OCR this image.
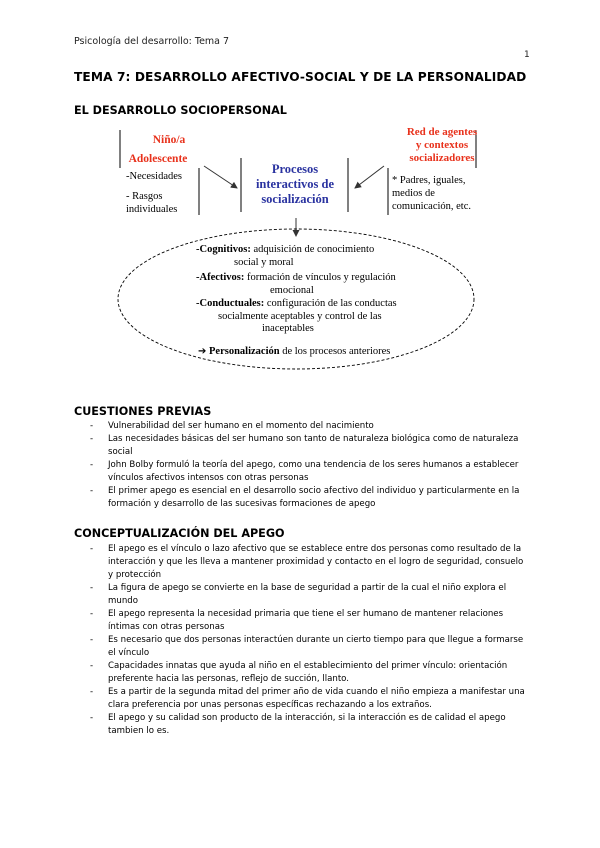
Psicología del desarrollo: Tema 7
1
TEMA 7: DESARROLLO AFECTIVO-SOCIAL Y DE LA PERSONALIDAD
EL DESARROLLO SOCIOPERSONAL
Niño/a
Adolescente
-Necesidades
- Rasgos
individuales
Procesos
interactivos de
socialización
Red de agentes
y contextos
socializadores
* Padres, iguales,
medios de
comunicación, etc.
-Cognitivos: adquisición de conocimiento
social y moral
-Afectivos: formación de vínculos y regulación
emocional
-Conductuales: configuración de las conductas
socialmente aceptables y control de las
inaceptables
➔ Personalización de los procesos anteriores
CUESTIONES PREVIAS
- Vulnerabilidad del ser humano en el momento del nacimiento
- Las necesidades básicas del ser humano son tanto de naturaleza biológica como de naturaleza social
- John Bolby formuló la teoría del apego, como una tendencia de los seres humanos a establecer vínculos afectivos intensos con otras personas
- El primer apego es esencial en el desarrollo socio afectivo del individuo y particularmente en la formación y desarrollo de las sucesivas formaciones de apego
CONCEPTUALIZACIÓN DEL APEGO
- El apego es el vínculo o lazo afectivo que se establece entre dos personas como resultado de la interacción y que les lleva a mantener proximidad y contacto en el logro de seguridad, consuelo y protección
- La figura de apego se convierte en la base de seguridad a partir de la cual el niño explora el mundo
- El apego representa la necesidad primaria que tiene el ser humano de mantener relaciones íntimas con otras personas
- Es necesario que dos personas interactúen durante un cierto tiempo para que llegue a formarse el vínculo
- Capacidades innatas que ayuda al niño en el establecimiento del primer vínculo: orientación preferente hacia las personas, reflejo de succión, llanto.
- Es a partir de la segunda mitad del primer año de vida cuando el niño empieza a manifestar una clara preferencia por unas personas específicas rechazando a los extraños.
- El apego y su calidad son producto de la interacción, si la interacción es de calidad el apego tambien lo es.
